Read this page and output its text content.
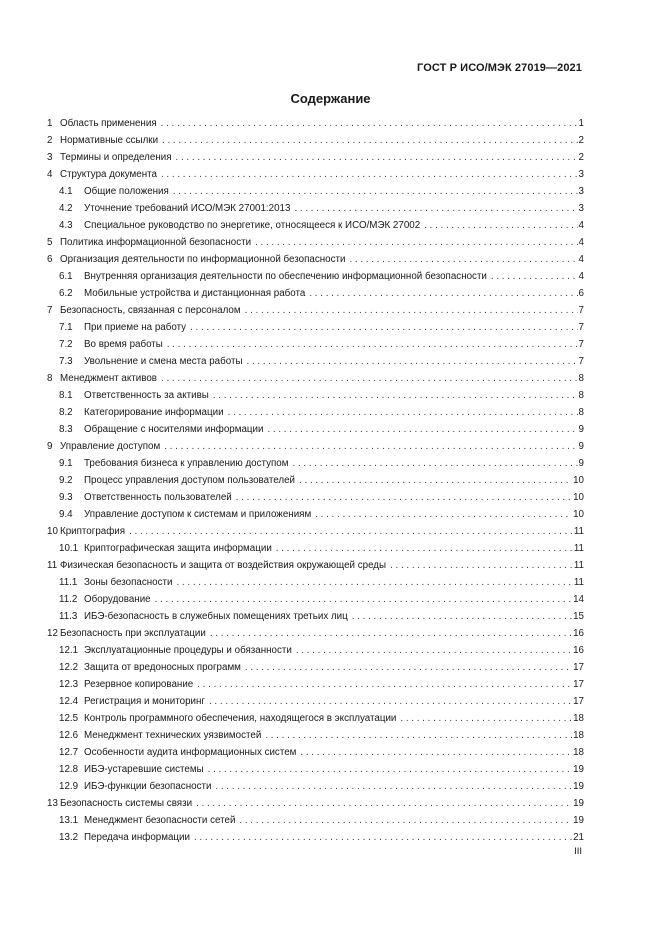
ГОСТ Р ИСО/МЭК 27019—2021
Содержание
1 Область применения . . .	1
2 Нормативные ссылки . . .	2
3 Термины и определения . . .	2
4 Структура документа . . .	3
4.1	Общие положения . . .	3
4.2	Уточнение требований ИСО/МЭК 27001:2013 . . .	3
4.3	Специальное руководство по энергетике, относящееся к ИСО/МЭК 27002 . . .	4
5 Политика информационной безопасности . . .	4
6 Организация деятельности по информационной безопасности . . .	4
6.1	Внутренняя организация деятельности по обеспечению информационной безопасности . . .	4
6.2	Мобильные устройства и дистанционная работа . . .	6
7 Безопасность, связанная с персоналом . . .	7
7.1	При приеме на работу . . .	7
7.2	Во время работы . . .	7
7.3	Увольнение и смена места работы . . .	7
8 Менеджмент активов . . .	8
8.1	Ответственность за активы . . .	8
8.2	Категорирование информации . . .	8
8.3	Обращение с носителями информации . . .	9
9 Управление доступом . . .	9
9.1	Требования бизнеса к управлению доступом . . .	9
9.2	Процесс управления доступом пользователей . . .	10
9.3	Ответственность пользователей . . .	10
9.4	Управление доступом к системам и приложениям . . .	10
10 Криптография . . .	11
10.1 Криптографическая защита информации . . .	11
11 Физическая безопасность и защита от воздействия окружающей среды . . .	11
11.1 Зоны безопасности . . .	11
11.2 Оборудование . . .	14
11.3 ИБЭ-безопасность в служебных помещениях третьих лиц . . .	15
12 Безопасность при эксплуатации . . .	16
12.1 Эксплуатационные процедуры и обязанности . . .	16
12.2 Защита от вредоносных программ . . .	17
12.3 Резервное копирование . . .	17
12.4 Регистрация и мониторинг . . .	17
12.5 Контроль программного обеспечения, находящегося в эксплуатации . . .	18
12.6 Менеджмент технических уязвимостей . . .	18
12.7 Особенности аудита информационных систем . . .	18
12.8 ИБЭ-устаревшие системы . . .	19
12.9 ИБЭ-функции безопасности . . .	19
13 Безопасность системы связи . . .	19
13.1 Менеджмент безопасности сетей . . .	19
13.2 Передача информации . . .	21
III
